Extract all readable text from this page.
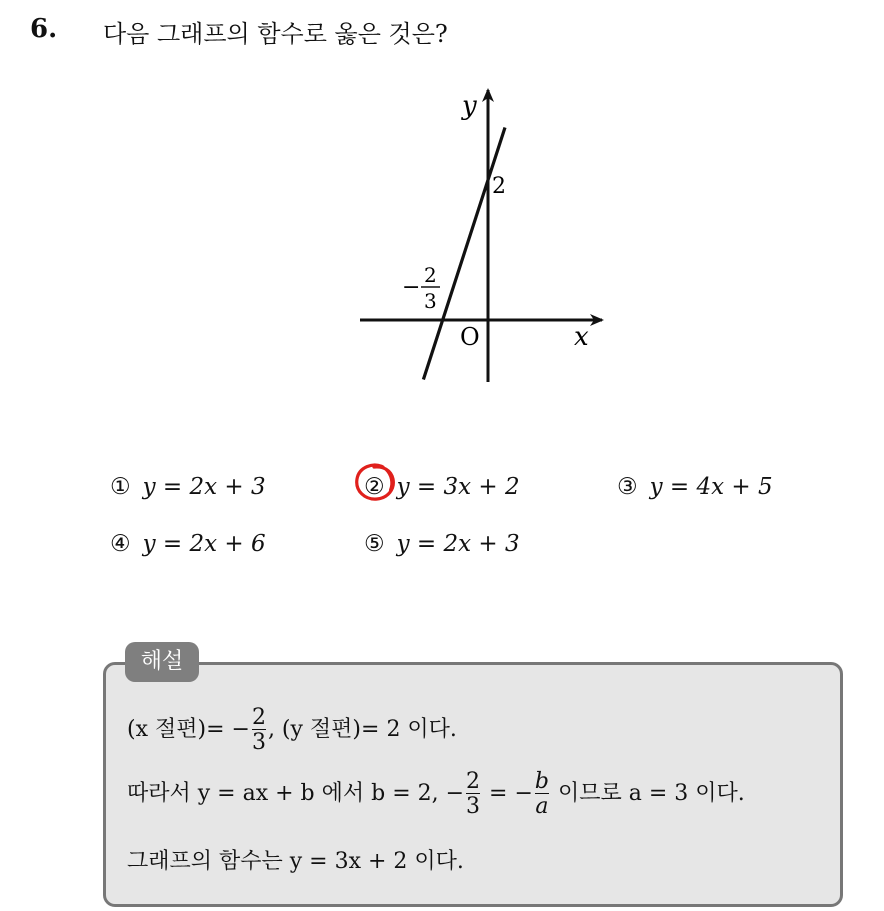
6. 다음 그래프의 함수로 옳은 것은?
y
x
O
2
− 2
3
① y = 2x + 3	② y = 3x + 2	③ y = 4x + 5
④ y = 2x + 6	⑤ y = 2x + 3
해설
(x 절편)= − $\frac{2}{3}$ , (y 절편)= 2 이다.
따라서 y = ax + b 에서 b = 2, − $\frac{2}{3}$ = − $\frac{b}{a}$ 이므로 a = 3 이다.
그래프의 함수는 y = 3x + 2 이다.
